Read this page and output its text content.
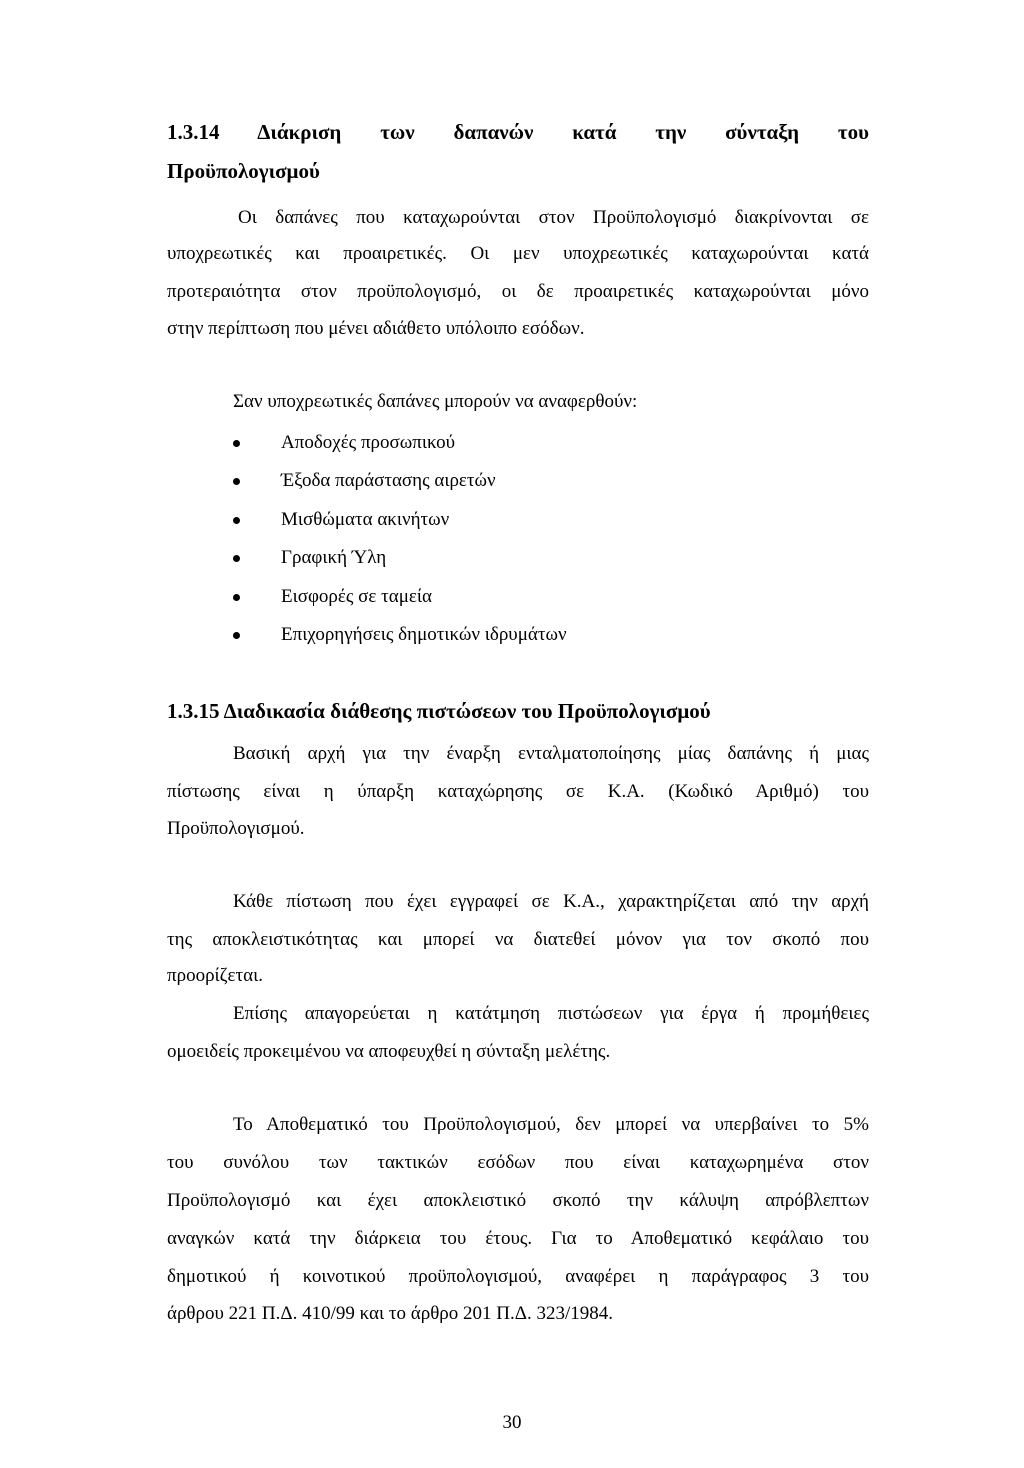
1.3.14 Διάκριση των δαπανών κατά την σύνταξη του
Προϋπολογισμού
Οι δαπάνες που καταχωρούνται στον Προϋπολογισμό διακρίνονται σε
υποχρεωτικές και προαιρετικές. Οι μεν υποχρεωτικές καταχωρούνται κατά
προτεραιότητα στον προϋπολογισμό, οι δε προαιρετικές καταχωρούνται μόνο
στην περίπτωση που μένει αδιάθετο υπόλοιπο εσόδων.
Σαν υποχρεωτικές δαπάνες μπορούν να αναφερθούν:
Αποδοχές προσωπικού
Έξοδα παράστασης αιρετών
Μισθώματα ακινήτων
Γραφική Ύλη
Εισφορές σε ταμεία
Επιχορηγήσεις δημοτικών ιδρυμάτων
1.3.15 Διαδικασία διάθεσης πιστώσεων του Προϋπολογισμού
Βασική αρχή για την έναρξη ενταλματοποίησης μίας δαπάνης ή μιας
πίστωσης είναι η ύπαρξη καταχώρησης σε Κ.Α. (Κωδικό Αριθμό) του
Προϋπολογισμού.
Κάθε πίστωση που έχει εγγραφεί σε Κ.Α., χαρακτηρίζεται από την αρχή
της αποκλειστικότητας και μπορεί να διατεθεί μόνον για τον σκοπό που
προορίζεται.
Επίσης απαγορεύεται η κατάτμηση πιστώσεων για έργα ή προμήθειες
ομοειδείς προκειμένου να αποφευχθεί η σύνταξη μελέτης.
Το Αποθεματικό του Προϋπολογισμού, δεν μπορεί να υπερβαίνει το 5%
του συνόλου των τακτικών εσόδων που είναι καταχωρημένα στον
Προϋπολογισμό και έχει αποκλειστικό σκοπό την κάλυψη απρόβλεπτων
αναγκών κατά την διάρκεια του έτους. Για το Αποθεματικό κεφάλαιο του
δημοτικού ή κοινοτικού προϋπολογισμού, αναφέρει η παράγραφος 3 του
άρθρου 221 Π.Δ. 410/99 και το άρθρο 201 Π.Δ. 323/1984.
30
